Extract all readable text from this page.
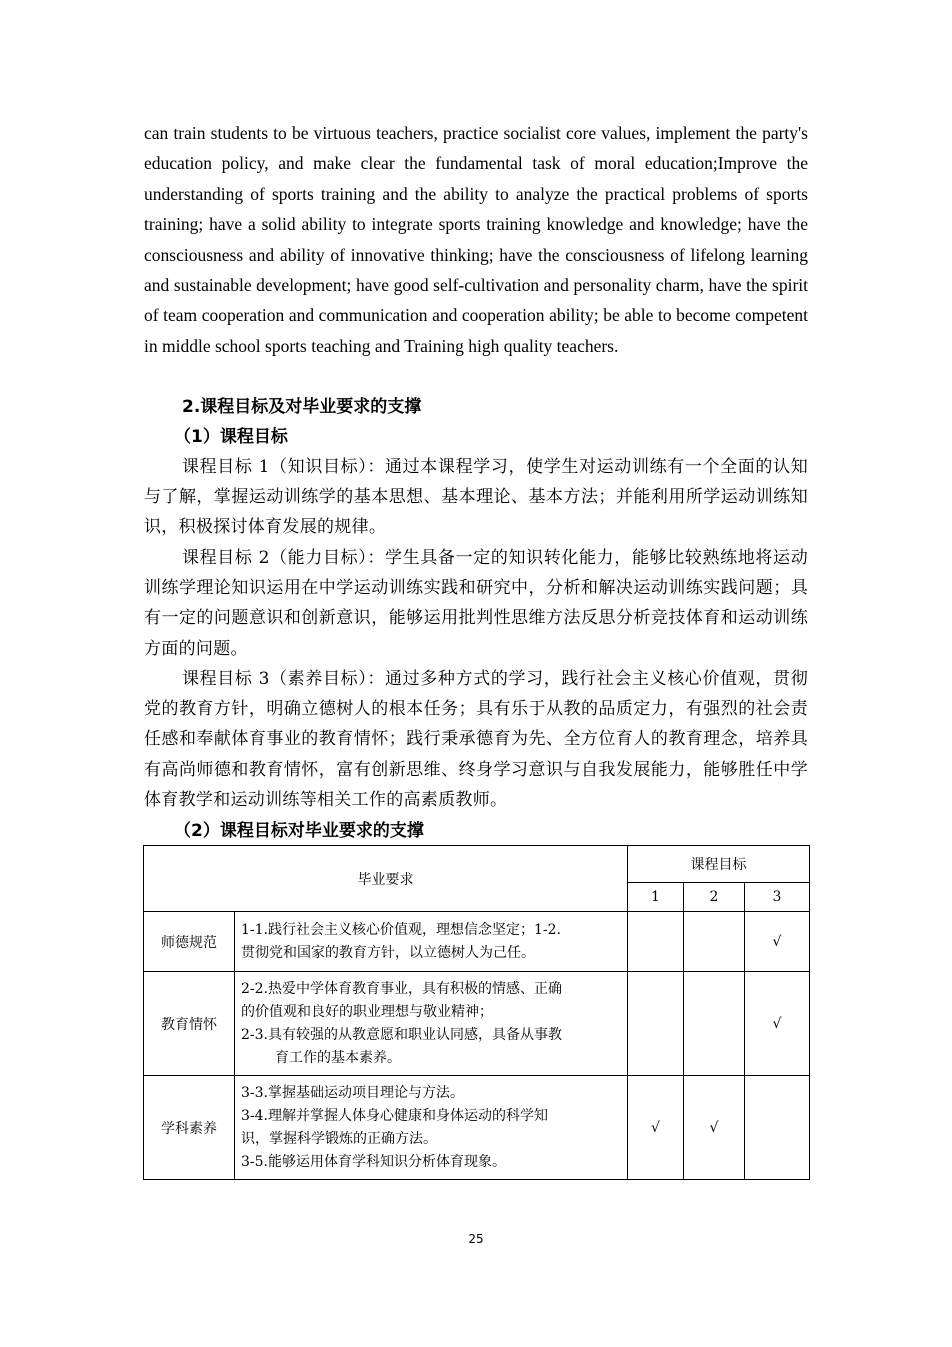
can train students to be virtuous teachers, practice socialist core values, implement the party's education policy, and make clear the fundamental task of moral education;Improve the understanding of sports training and the ability to analyze the practical problems of sports training; have a solid ability to integrate sports training knowledge and knowledge; have the consciousness and ability of innovative thinking; have the consciousness of lifelong learning and sustainable development; have good self-cultivation and personality charm, have the spirit of team cooperation and communication and cooperation ability; be able to become competent in middle school sports teaching and Training high quality teachers.

2.课程目标及对毕业要求的支撑

（1）课程目标

课程目标 1（知识目标）：通过本课程学习，使学生对运动训练有一个全面的认知与了解，掌握运动训练学的基本思想、基本理论、基本方法；并能利用所学运动训练知识，积极探讨体育发展的规律。

课程目标 2（能力目标）：学生具备一定的知识转化能力，能够比较熟练地将运动训练学理论知识运用在中学运动训练实践和研究中，分析和解决运动训练实践问题；具有一定的问题意识和创新意识，能够运用批判性思维方法反思分析竞技体育和运动训练方面的问题。

课程目标 3（素养目标）：通过多种方式的学习，践行社会主义核心价值观，贯彻党的教育方针，明确立德树人的根本任务；具有乐于从教的品质定力，有强烈的社会责任感和奉献体育事业的教育情怀；践行秉承德育为先、全方位育人的教育理念，培养具有高尚师德和教育情怀，富有创新思维、终身学习意识与自我发展能力，能够胜任中学体育教学和运动训练等相关工作的高素质教师。

（2）课程目标对毕业要求的支撑

毕业要求		课程目标		
		1	2	3
师德规范	1-1.践行社会主义核心价值观，理想信念坚定；1-2.
贯彻党和国家的教育方针，以立德树人为己任。			√
教育情怀	2-2.热爱中学体育教育事业，具有积极的情感、正确
的价值观和良好的职业理想与敬业精神；
2-3.具有较强的从教意愿和职业认同感，具备从事教
育工作的基本素养。			√
学科素养	3-3.掌握基础运动项目理论与方法。
3-4.理解并掌握人体身心健康和身体运动的科学知
识，掌握科学锻炼的正确方法。
3-5.能够运用体育学科知识分析体育现象。	√	√	
25
